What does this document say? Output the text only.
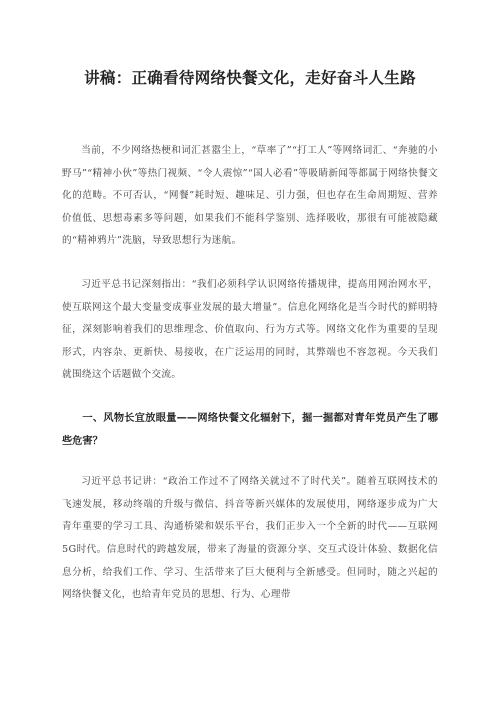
讲稿：正确看待网络快餐文化，走好奋斗人生路

当前，不少网络热梗和词汇甚嚣尘上，“草率了”“打工人”等网络词汇、“奔驰的小野马”“精神小伙”等热门视频、“令人震惊”“国人必看”等吸睛新闻等都属于网络快餐文化的范畴。不可否认，“网餐”耗时短、趣味足、引力强，但也存在生命周期短、营养价值低、思想毒素多等问题，如果我们不能科学鉴别、选择吸收，那很有可能被隐藏的“精神鸦片”洗脑，导致思想行为迷航。

习近平总书记深刻指出：“我们必须科学认识网络传播规律，提高用网治网水平，使互联网这个最大变量变成事业发展的最大增量”。信息化网络化是当今时代的鲜明特征，深刻影响着我们的思维理念、价值取向、行为方式等。网络文化作为重要的呈现形式，内容杂、更新快、易接收，在广泛运用的同时，其弊端也不容忽视。今天我们就围绕这个话题做个交流。

一、风物长宜放眼量——网络快餐文化辐射下，掘一掘都对青年党员产生了哪些危害？

习近平总书记讲：“政治工作过不了网络关就过不了时代关”。随着互联网技术的飞速发展，移动终端的升级与微信、抖音等新兴媒体的发展使用，网络逐步成为广大青年重要的学习工具、沟通桥梁和娱乐平台，我们正步入一个全新的时代——互联网5G时代。信息时代的跨越发展，带来了海量的资源分享、交互式设计体验、数据化信息分析，给我们工作、学习、生活带来了巨大便利与全新感受。但同时，随之兴起的网络快餐文化，也给青年党员的思想、行为、心理带
